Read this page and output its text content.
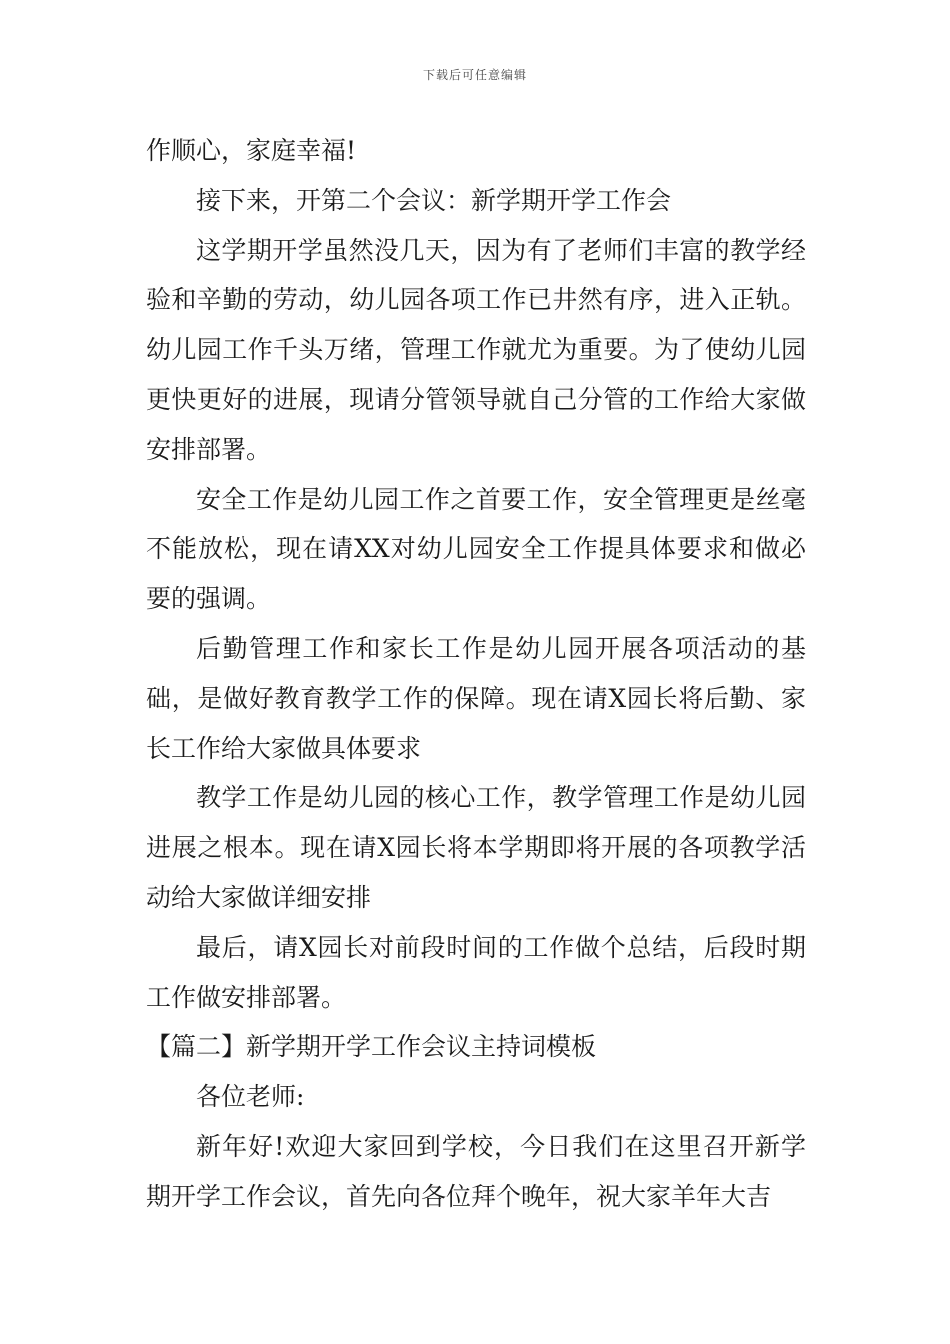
下载后可任意编辑

作顺心，家庭幸福!

接下来，开第二个会议：新学期开学工作会

这学期开学虽然没几天，因为有了老师们丰富的教学经验和辛勤的劳动，幼儿园各项工作已井然有序，进入正轨。幼儿园工作千头万绪，管理工作就尤为重要。为了使幼儿园更快更好的进展，现请分管领导就自己分管的工作给大家做安排部署。

安全工作是幼儿园工作之首要工作，安全管理更是丝毫不能放松，现在请XX对幼儿园安全工作提具体要求和做必要的强调。

后勤管理工作和家长工作是幼儿园开展各项活动的基础，是做好教育教学工作的保障。现在请X园长将后勤、家长工作给大家做具体要求

教学工作是幼儿园的核心工作，教学管理工作是幼儿园进展之根本。现在请X园长将本学期即将开展的各项教学活动给大家做详细安排

最后，请X园长对前段时间的工作做个总结，后段时期工作做安排部署。

【篇二】新学期开学工作会议主持词模板

各位老师:

新年好!欢迎大家回到学校，今日我们在这里召开新学期开学工作会议，首先向各位拜个晚年，祝大家羊年大吉
